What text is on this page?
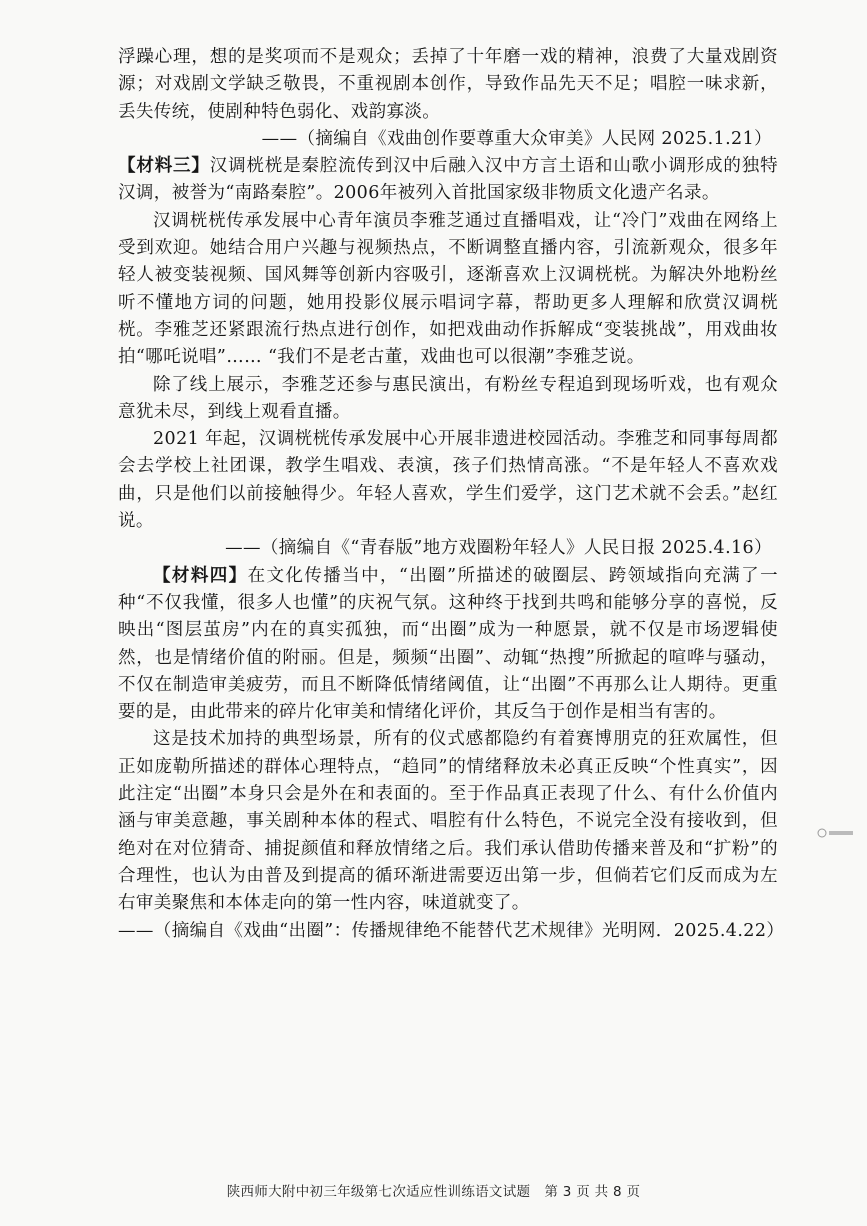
浮躁心理，想的是奖项而不是观众；丢掉了十年磨一戏的精神，浪费了大量戏剧资源；对戏剧文学缺乏敬畏，不重视剧本创作，导致作品先天不足；唱腔一味求新，丢失传统，使剧种特色弱化、戏韵寡淡。

——（摘编自《戏曲创作要尊重大众审美》人民网 2025.1.21）

【材料三】汉调桄桄是秦腔流传到汉中后融入汉中方言土语和山歌小调形成的独特汉调，被誉为“南路秦腔”。2006年被列入首批国家级非物质文化遗产名录。

汉调桄桄传承发展中心青年演员李雅芝通过直播唱戏，让“冷门”戏曲在网络上受到欢迎。她结合用户兴趣与视频热点，不断调整直播内容，引流新观众，很多年轻人被变装视频、国风舞等创新内容吸引，逐渐喜欢上汉调桄桄。为解决外地粉丝听不懂地方词的问题，她用投影仪展示唱词字幕，帮助更多人理解和欣赏汉调桄桄。李雅芝还紧跟流行热点进行创作，如把戏曲动作拆解成“变装挑战”，用戏曲妆拍“哪吒说唱”…… “我们不是老古董，戏曲也可以很潮”李雅芝说。

除了线上展示，李雅芝还参与惠民演出，有粉丝专程追到现场听戏，也有观众意犹未尽，到线上观看直播。

2021 年起，汉调桄桄传承发展中心开展非遗进校园活动。李雅芝和同事每周都会去学校上社团课，教学生唱戏、表演，孩子们热情高涨。“不是年轻人不喜欢戏曲，只是他们以前接触得少。年轻人喜欢，学生们爱学，这门艺术就不会丢。”赵红说。

——（摘编自《“青春版”地方戏圈粉年轻人》人民日报 2025.4.16）

【材料四】在文化传播当中，“出圈”所描述的破圈层、跨领域指向充满了一种“不仅我懂，很多人也懂”的庆祝气氛。这种终于找到共鸣和能够分享的喜悦，反映出“图层茧房”内在的真实孤独，而“出圈”成为一种愿景，就不仅是市场逻辑使然，也是情绪价值的附丽。但是，频频“出圈”、动辄“热搜”所掀起的喧哗与骚动，不仅在制造审美疲劳，而且不断降低情绪阈值，让“出圈”不再那么让人期待。更重要的是，由此带来的碎片化审美和情绪化评价，其反刍于创作是相当有害的。

这是技术加持的典型场景，所有的仪式感都隐约有着赛博朋克的狂欢属性，但正如庞勒所描述的群体心理特点，“趋同”的情绪释放未必真正反映“个性真实”，因此注定“出圈”本身只会是外在和表面的。至于作品真正表现了什么、有什么价值内涵与审美意趣，事关剧种本体的程式、唱腔有什么特色，不说完全没有接收到，但绝对在对位猜奇、捕捉颜值和释放情绪之后。我们承认借助传播来普及和“扩粉”的合理性，也认为由普及到提高的循环渐进需要迈出第一步，但倘若它们反而成为左右审美聚焦和本体走向的第一性内容，味道就变了。

——（摘编自《戏曲“出圈”：传播规律绝不能替代艺术规律》光明网．2025.4.22）

陕西师大附中初三年级第七次适应性训练语文试题 第 3 页 共 8 页
